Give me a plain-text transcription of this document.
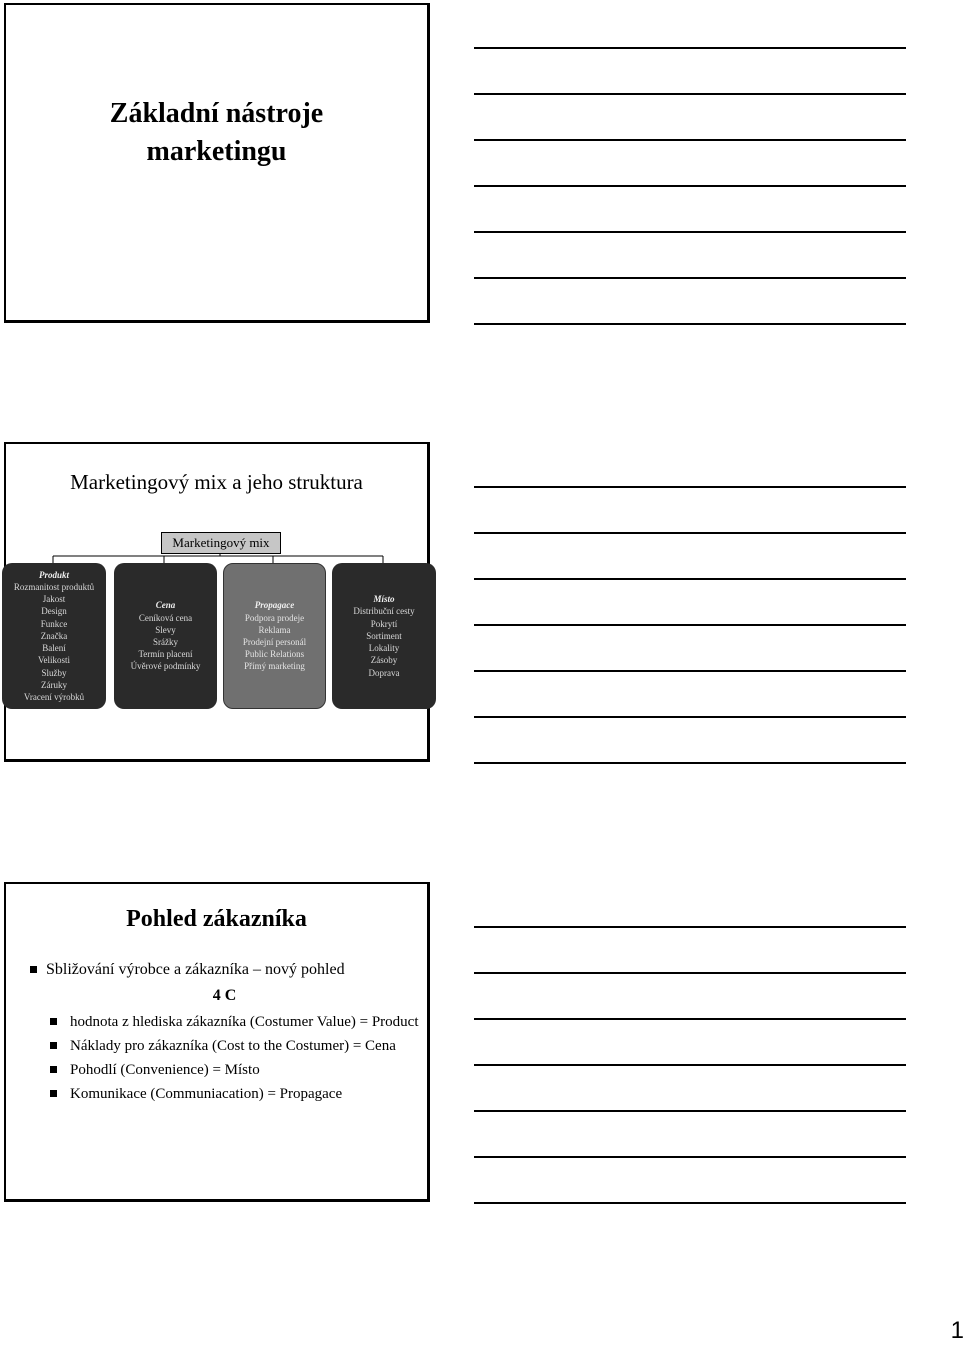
Základní nástroje
marketingu
Marketingový mix a jeho struktura
Marketingový mix
Produkt
Rozmanitost produktů
Jakost
Design
Funkce
Značka
Balení
Velikosti
Služby
Záruky
Vracení výrobků
Cena
Ceníková cena
Slevy
Srážky
Termín placení
Úvěrové podmínky
Propagace
Podpora prodeje
Reklama
Prodejní personál
Public Relations
Přímý marketing
Místo
Distribuční cesty
Pokrytí
Sortiment
Lokality
Zásoby
Doprava
Pohled zákazníka
Sbližování výrobce a zákazníka – nový pohled
4 C
hodnota z hlediska zákazníka (Costumer Value) = Product
Náklady pro zákazníka (Cost to the Costumer) = Cena
Pohodlí (Convenience) = Místo
Komunikace (Communiacation) = Propagace
1
